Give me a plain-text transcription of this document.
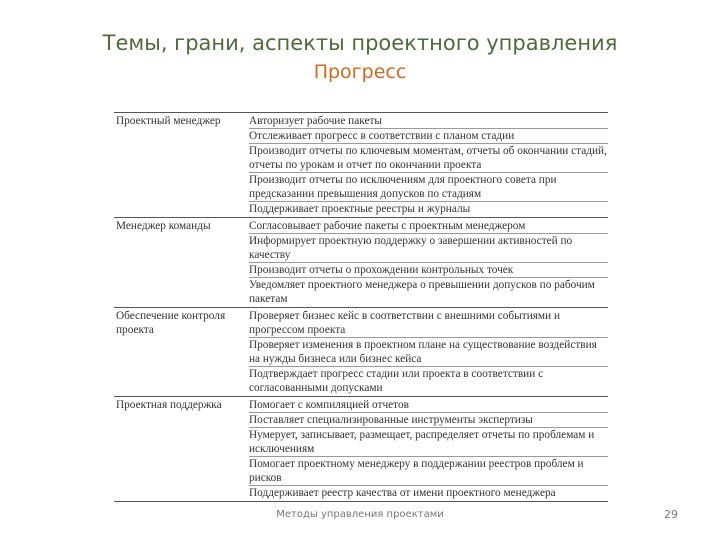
Темы, грани, аспекты проектного управления
Прогресс
Проектный менеджер	Авторизует рабочие пакеты
Отслеживает прогресс в соответствии с планом стадии
Производит отчеты по ключевым моментам, отчеты об окончании стадий, отчеты по урокам и отчет по окончании проекта
Производит отчеты по исключениям для проектного совета при предсказании превышения допусков по стадиям
Поддерживает проектные реестры и журналы

Менеджер команды	Согласовывает рабочие пакеты с проектным менеджером
Информирует проектную поддержку о завершении активностей по качеству
Производит отчеты о прохождении контрольных точек
Уведомляет проектного менеджера о превышении допусков по рабочим пакетам

Обеспечение контроля проекта	Проверяет бизнес кейс в соответствии с внешними событиями и прогрессом проекта
Проверяет изменения в проектном плане на существование воздействия на нужды бизнеса или бизнес кейса
Подтверждает прогресс стадии или проекта в соответствии с согласованными допусками

Проектная поддержка	Помогает с компиляцией отчетов
Поставляет специализированные инструменты экспертизы
Нумерует, записывает, размещает, распределяет отчеты по проблемам и исключениям
Помогает проектному менеджеру в поддержании реестров проблем и рисков
Поддерживает реестр качества от имени проектного менеджера
Методы управления проектами	29
